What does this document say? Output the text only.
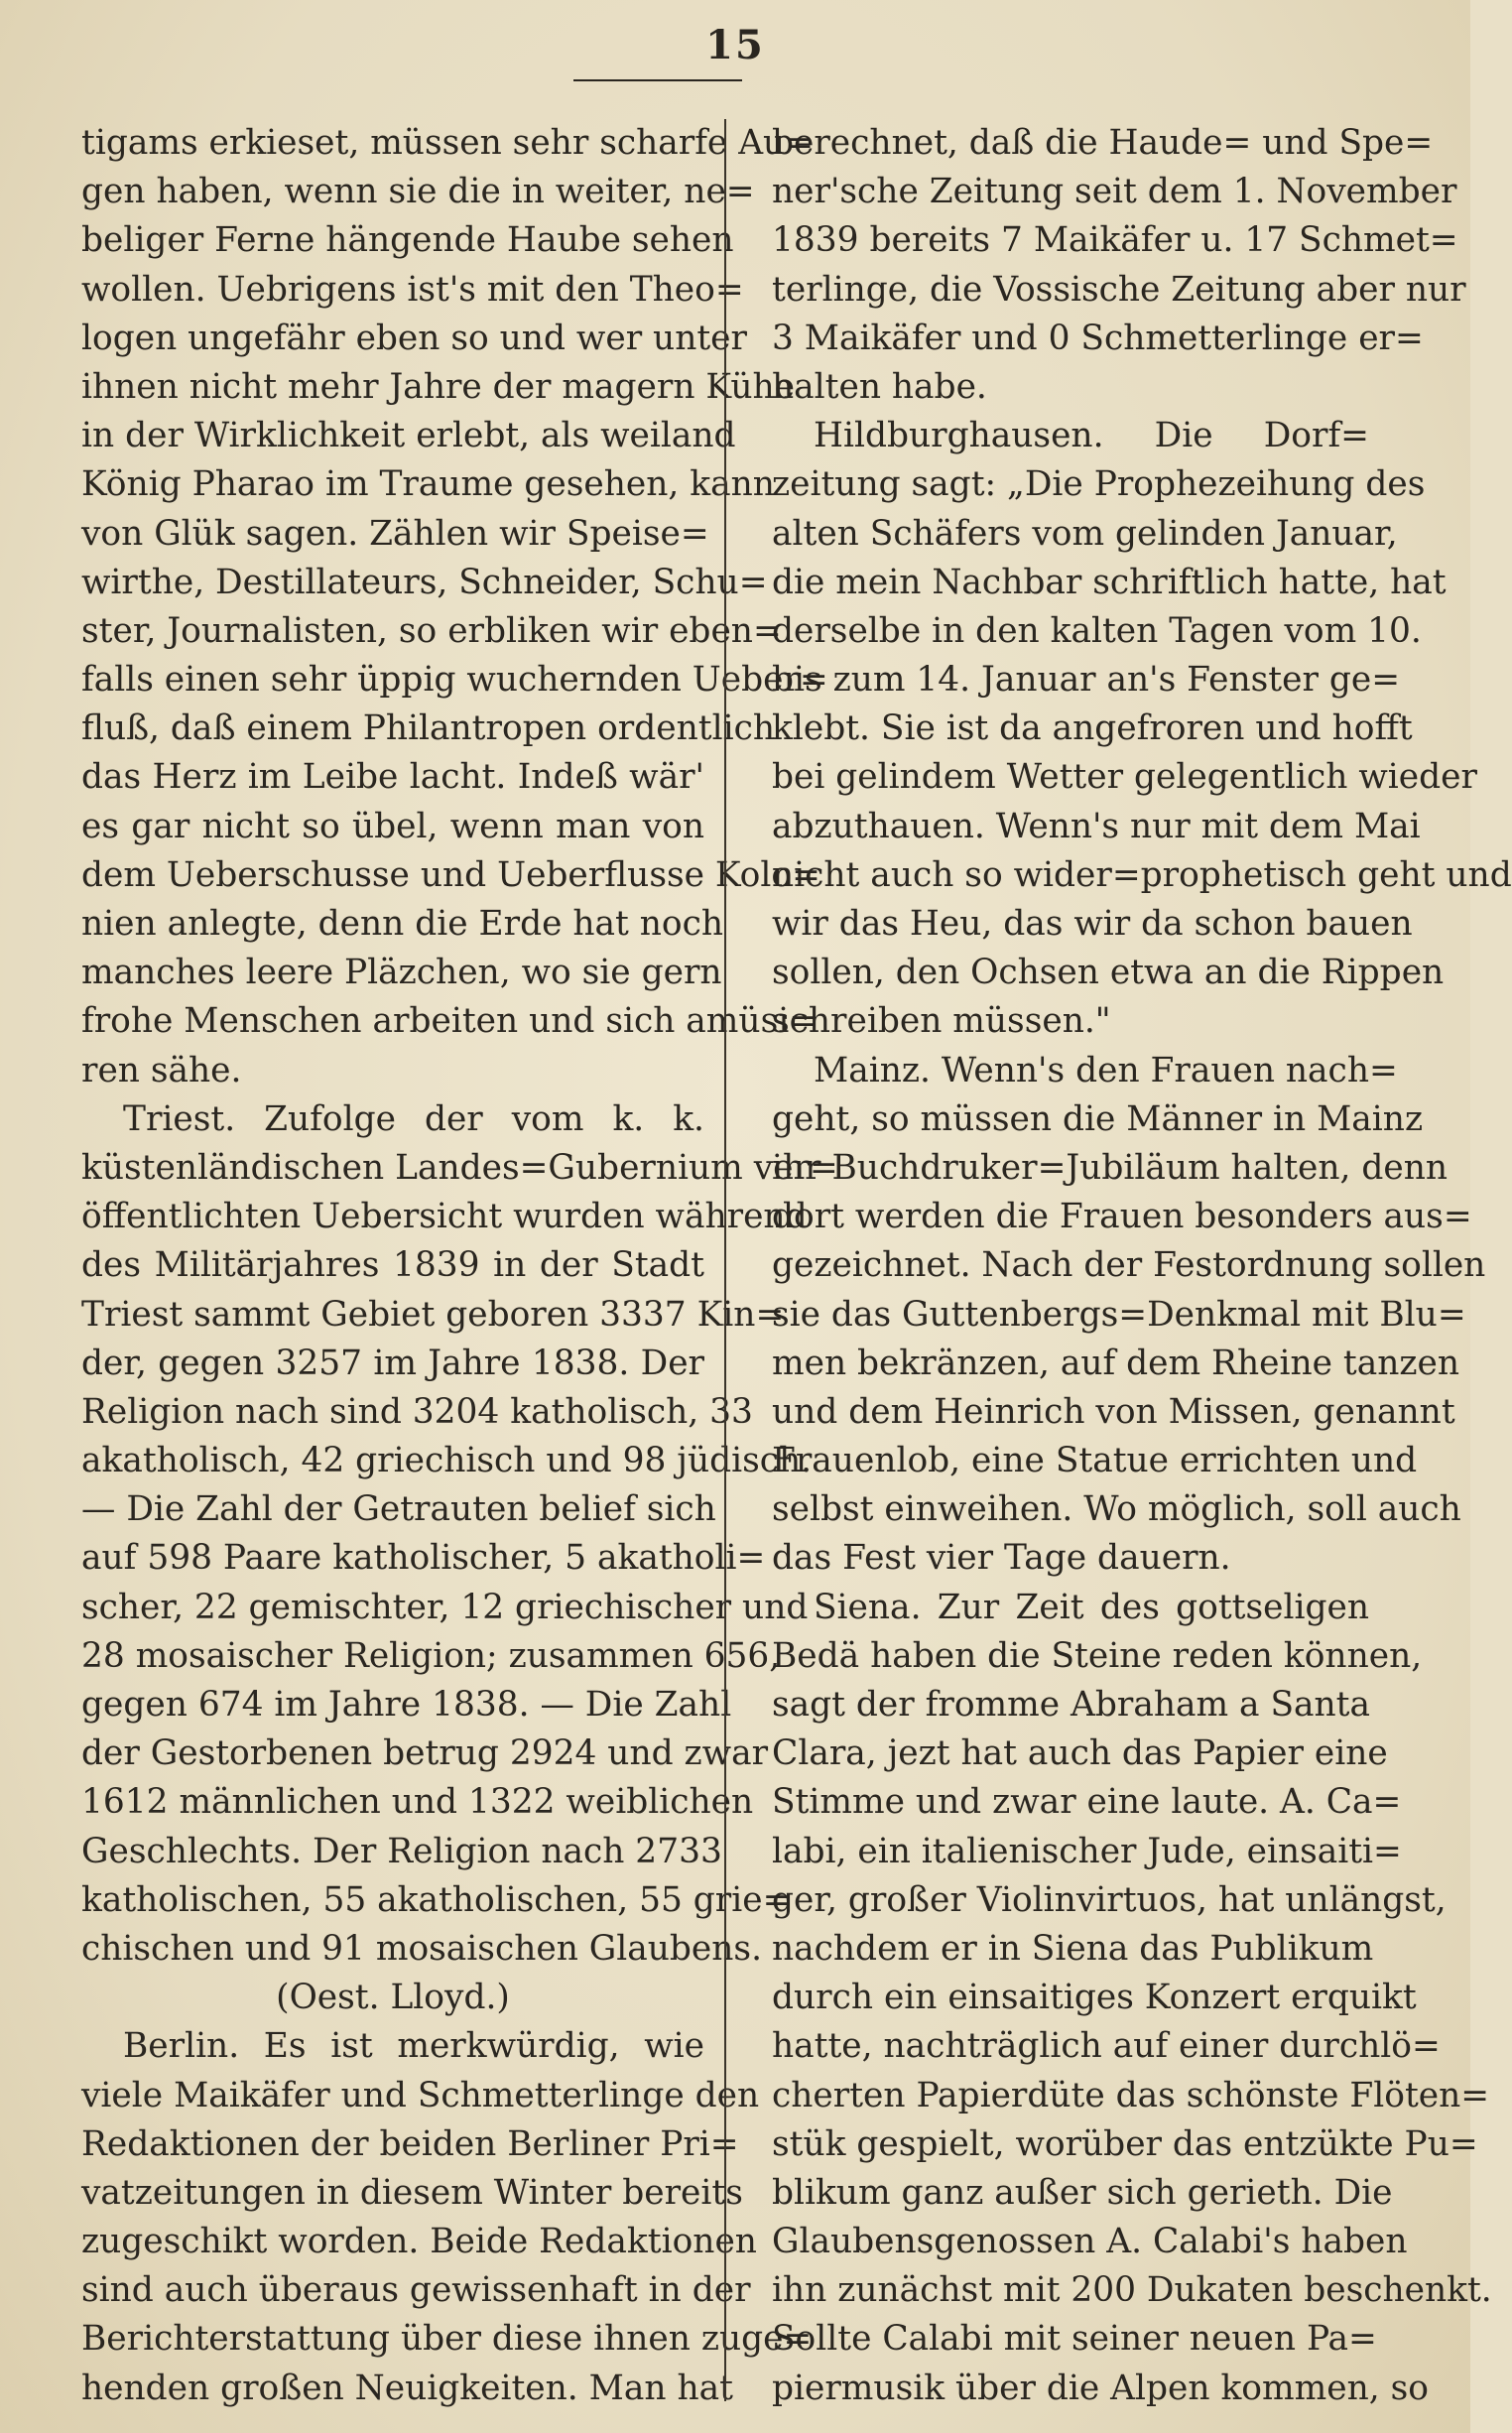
15
tigams erkieset, müssen sehr scharfe Au=
gen haben, wenn sie die in weiter, ne=
beliger Ferne hängende Haube sehen
wollen. Uebrigens ist's mit den Theo=
logen ungefähr eben so und wer unter
ihnen nicht mehr Jahre der magern Kühe
in der Wirklichkeit erlebt, als weiland
König Pharao im Traume gesehen, kann
von Glük sagen. Zählen wir Speise=
wirthe, Destillateurs, Schneider, Schu=
ster, Journalisten, so erbliken wir eben=
falls einen sehr üppig wuchernden Ueber=
fluß, daß einem Philantropen ordentlich
das Herz im Leibe lacht. Indeß wär'
es gar nicht so übel, wenn man von
dem Ueberschusse und Ueberflusse Kolo=
nien anlegte, denn die Erde hat noch
manches leere Pläzchen, wo sie gern
frohe Menschen arbeiten und sich amüsi=
ren sähe.
Triest. Zufolge der vom k. k.
küstenländischen Landes=Gubernium ver=
öffentlichten Uebersicht wurden während
des Militärjahres 1839 in der Stadt
Triest sammt Gebiet geboren 3337 Kin=
der, gegen 3257 im Jahre 1838. Der
Religion nach sind 3204 katholisch, 33
akatholisch, 42 griechisch und 98 jüdisch.
— Die Zahl der Getrauten belief sich
auf 598 Paare katholischer, 5 akatholi=
scher, 22 gemischter, 12 griechischer und
28 mosaischer Religion; zusammen 656,
gegen 674 im Jahre 1838. — Die Zahl
der Gestorbenen betrug 2924 und zwar
1612 männlichen und 1322 weiblichen
Geschlechts. Der Religion nach 2733
katholischen, 55 akatholischen, 55 grie=
chischen und 91 mosaischen Glaubens.
(Oest. Lloyd.)
Berlin. Es ist merkwürdig, wie
viele Maikäfer und Schmetterlinge den
Redaktionen der beiden Berliner Pri=
vatzeitungen in diesem Winter bereits
zugeschikt worden. Beide Redaktionen
sind auch überaus gewissenhaft in der
Berichterstattung über diese ihnen zuge=
henden großen Neuigkeiten. Man hat
berechnet, daß die Haude= und Spe=
ner'sche Zeitung seit dem 1. November
1839 bereits 7 Maikäfer u. 17 Schmet=
terlinge, die Vossische Zeitung aber nur
3 Maikäfer und 0 Schmetterlinge er=
halten habe.
Hildburghausen. Die Dorf=
zeitung sagt: „Die Prophezeihung des
alten Schäfers vom gelinden Januar,
die mein Nachbar schriftlich hatte, hat
derselbe in den kalten Tagen vom 10.
bis zum 14. Januar an's Fenster ge=
klebt. Sie ist da angefroren und hofft
bei gelindem Wetter gelegentlich wieder
abzuthauen. Wenn's nur mit dem Mai
nicht auch so wider=prophetisch geht und
wir das Heu, das wir da schon bauen
sollen, den Ochsen etwa an die Rippen
schreiben müssen."
Mainz. Wenn's den Frauen nach=
geht, so müssen die Männer in Mainz
ihr Buchdruker=Jubiläum halten, denn
dort werden die Frauen besonders aus=
gezeichnet. Nach der Festordnung sollen
sie das Guttenbergs=Denkmal mit Blu=
men bekränzen, auf dem Rheine tanzen
und dem Heinrich von Missen, genannt
Frauenlob, eine Statue errichten und
selbst einweihen. Wo möglich, soll auch
das Fest vier Tage dauern.
Siena. Zur Zeit des gottseligen
Bedä haben die Steine reden können,
sagt der fromme Abraham a Santa
Clara, jezt hat auch das Papier eine
Stimme und zwar eine laute. A. Ca=
labi, ein italienischer Jude, einsaiti=
ger, großer Violinvirtuos, hat unlängst,
nachdem er in Siena das Publikum
durch ein einsaitiges Konzert erquikt
hatte, nachträglich auf einer durchlö=
cherten Papierdüte das schönste Flöten=
stük gespielt, worüber das entzükte Pu=
blikum ganz außer sich gerieth. Die
Glaubensgenossen A. Calabi's haben
ihn zunächst mit 200 Dukaten beschenkt.
Sollte Calabi mit seiner neuen Pa=
piermusik über die Alpen kommen, so
